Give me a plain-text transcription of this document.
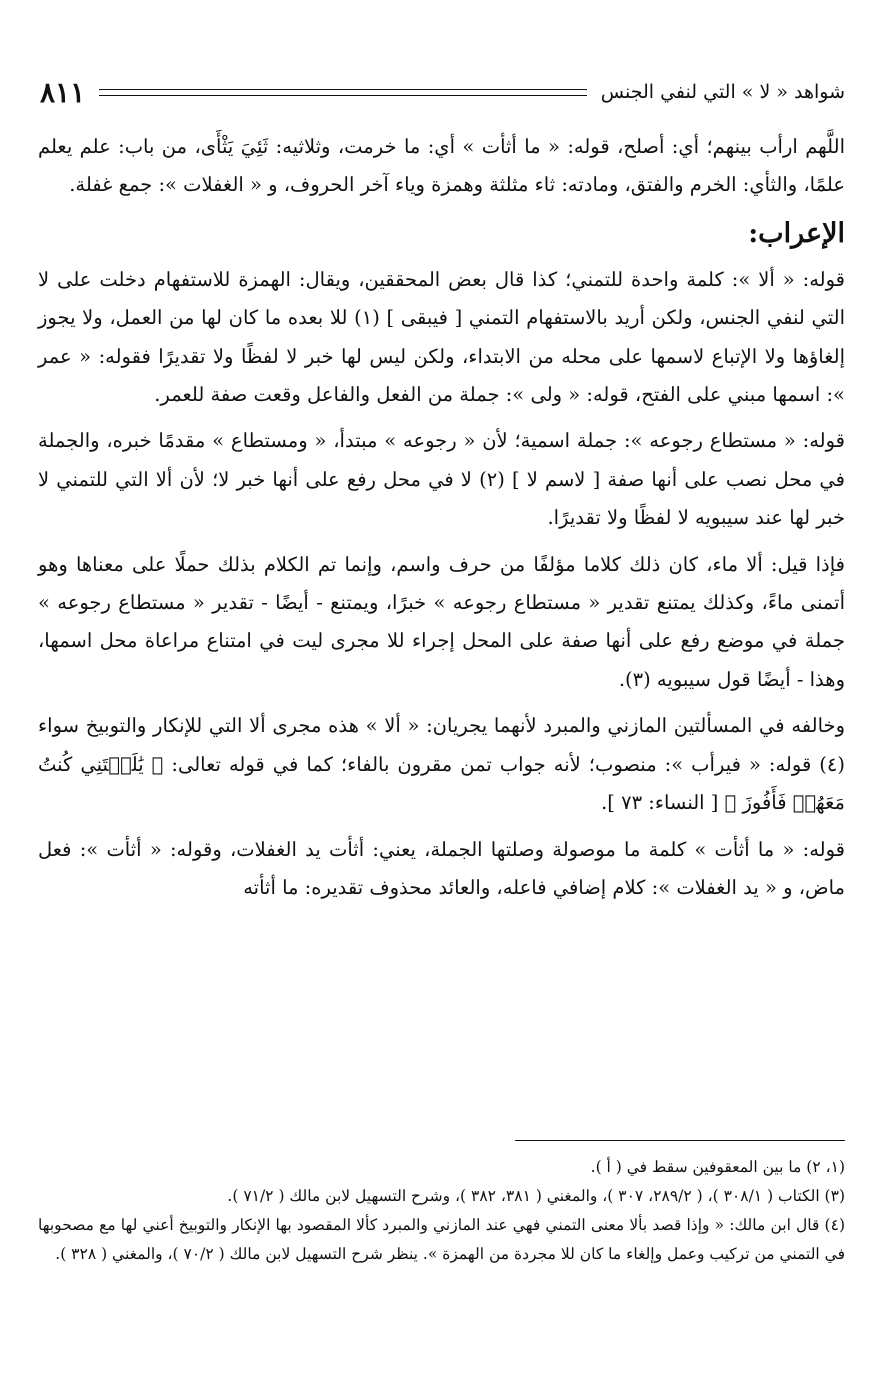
شواهد « لا » التي لنفي الجنس
٨١١

اللَّهم ارأب بينهم؛ أي: أصلح، قوله: « ما أثأت » أي: ما خرمت، وثلاثيه: ثَئِيَ يَثْأَى، من باب: علم يعلم علمًا، والثأي: الخرم والفتق، ومادته: ثاء مثلثة وهمزة وياء آخر الحروف، و « الغفلات »: جمع غفلة.

الإعراب:

قوله: « ألا »: كلمة واحدة للتمني؛ كذا قال بعض المحققين، ويقال: الهمزة للاستفهام دخلت على لا التي لنفي الجنس، ولكن أريد بالاستفهام التمني [ فيبقى ] (١) للا بعده ما كان لها من العمل، ولا يجوز إلغاؤها ولا الإتباع لاسمها على محله من الابتداء، ولكن ليس لها خبر لا لفظًا ولا تقديرًا فقوله: « عمر »: اسمها مبني على الفتح، قوله: « ولى »: جملة من الفعل والفاعل وقعت صفة للعمر.

قوله: « مستطاع رجوعه »: جملة اسمية؛ لأن « رجوعه » مبتدأ، « ومستطاع » مقدمًا خبره، والجملة في محل نصب على أنها صفة [ لاسم لا ] (٢) لا في محل رفع على أنها خبر لا؛ لأن ألا التي للتمني لا خبر لها عند سيبويه لا لفظًا ولا تقديرًا.

فإذا قيل: ألا ماء، كان ذلك كلاما مؤلفًا من حرف واسم، وإنما تم الكلام بذلك حملًا على معناها وهو أتمنى ماءً، وكذلك يمتنع تقدير « مستطاع رجوعه » خبرًا، ويمتنع - أيضًا - تقدير « مستطاع رجوعه » جملة في موضع رفع على أنها صفة على المحل إجراء للا مجرى ليت في امتناع مراعاة محل اسمها، وهذا - أيضًا قول سيبويه (٣).

وخالفه في المسألتين المازني والمبرد لأنهما يجريان: « ألا » هذه مجرى ألا التي للإنكار والتوبيخ سواء (٤) قوله: « فيرأب »: منصوب؛ لأنه جواب تمن مقرون بالفاء؛ كما في قوله تعالى: ﴿ يَٰلَيۡتَنِي كُنتُ مَعَهُمۡ فَأَفُوزَ ﴾ [ النساء: ٧٣ ].

قوله: « ما أثأت » كلمة ما موصولة وصلتها الجملة، يعني: أثأت يد الغفلات، وقوله: « أثأت »: فعل ماض، و « يد الغفلات »: كلام إضافي فاعله، والعائد محذوف تقديره: ما أثأته

(١، ٢) ما بين المعقوفين سقط في ( أ ).

(٣) الكتاب ( ٣٠٨/١ )، ( ٢٨٩/٢، ٣٠٧ )، والمغني ( ٣٨١، ٣٨٢ )، وشرح التسهيل لابن مالك ( ٧١/٢ ).

(٤) قال ابن مالك: « وإذا قصد بألا معنى التمني فهي عند المازني والمبرد كألا المقصود بها الإنكار والتوبيخ أعني لها مع مصحوبها في التمني من تركيب وعمل وإلغاء ما كان للا مجردة من الهمزة ». ينظر شرح التسهيل لابن مالك ( ٧٠/٢ )، والمغني ( ٣٢٨ ).
